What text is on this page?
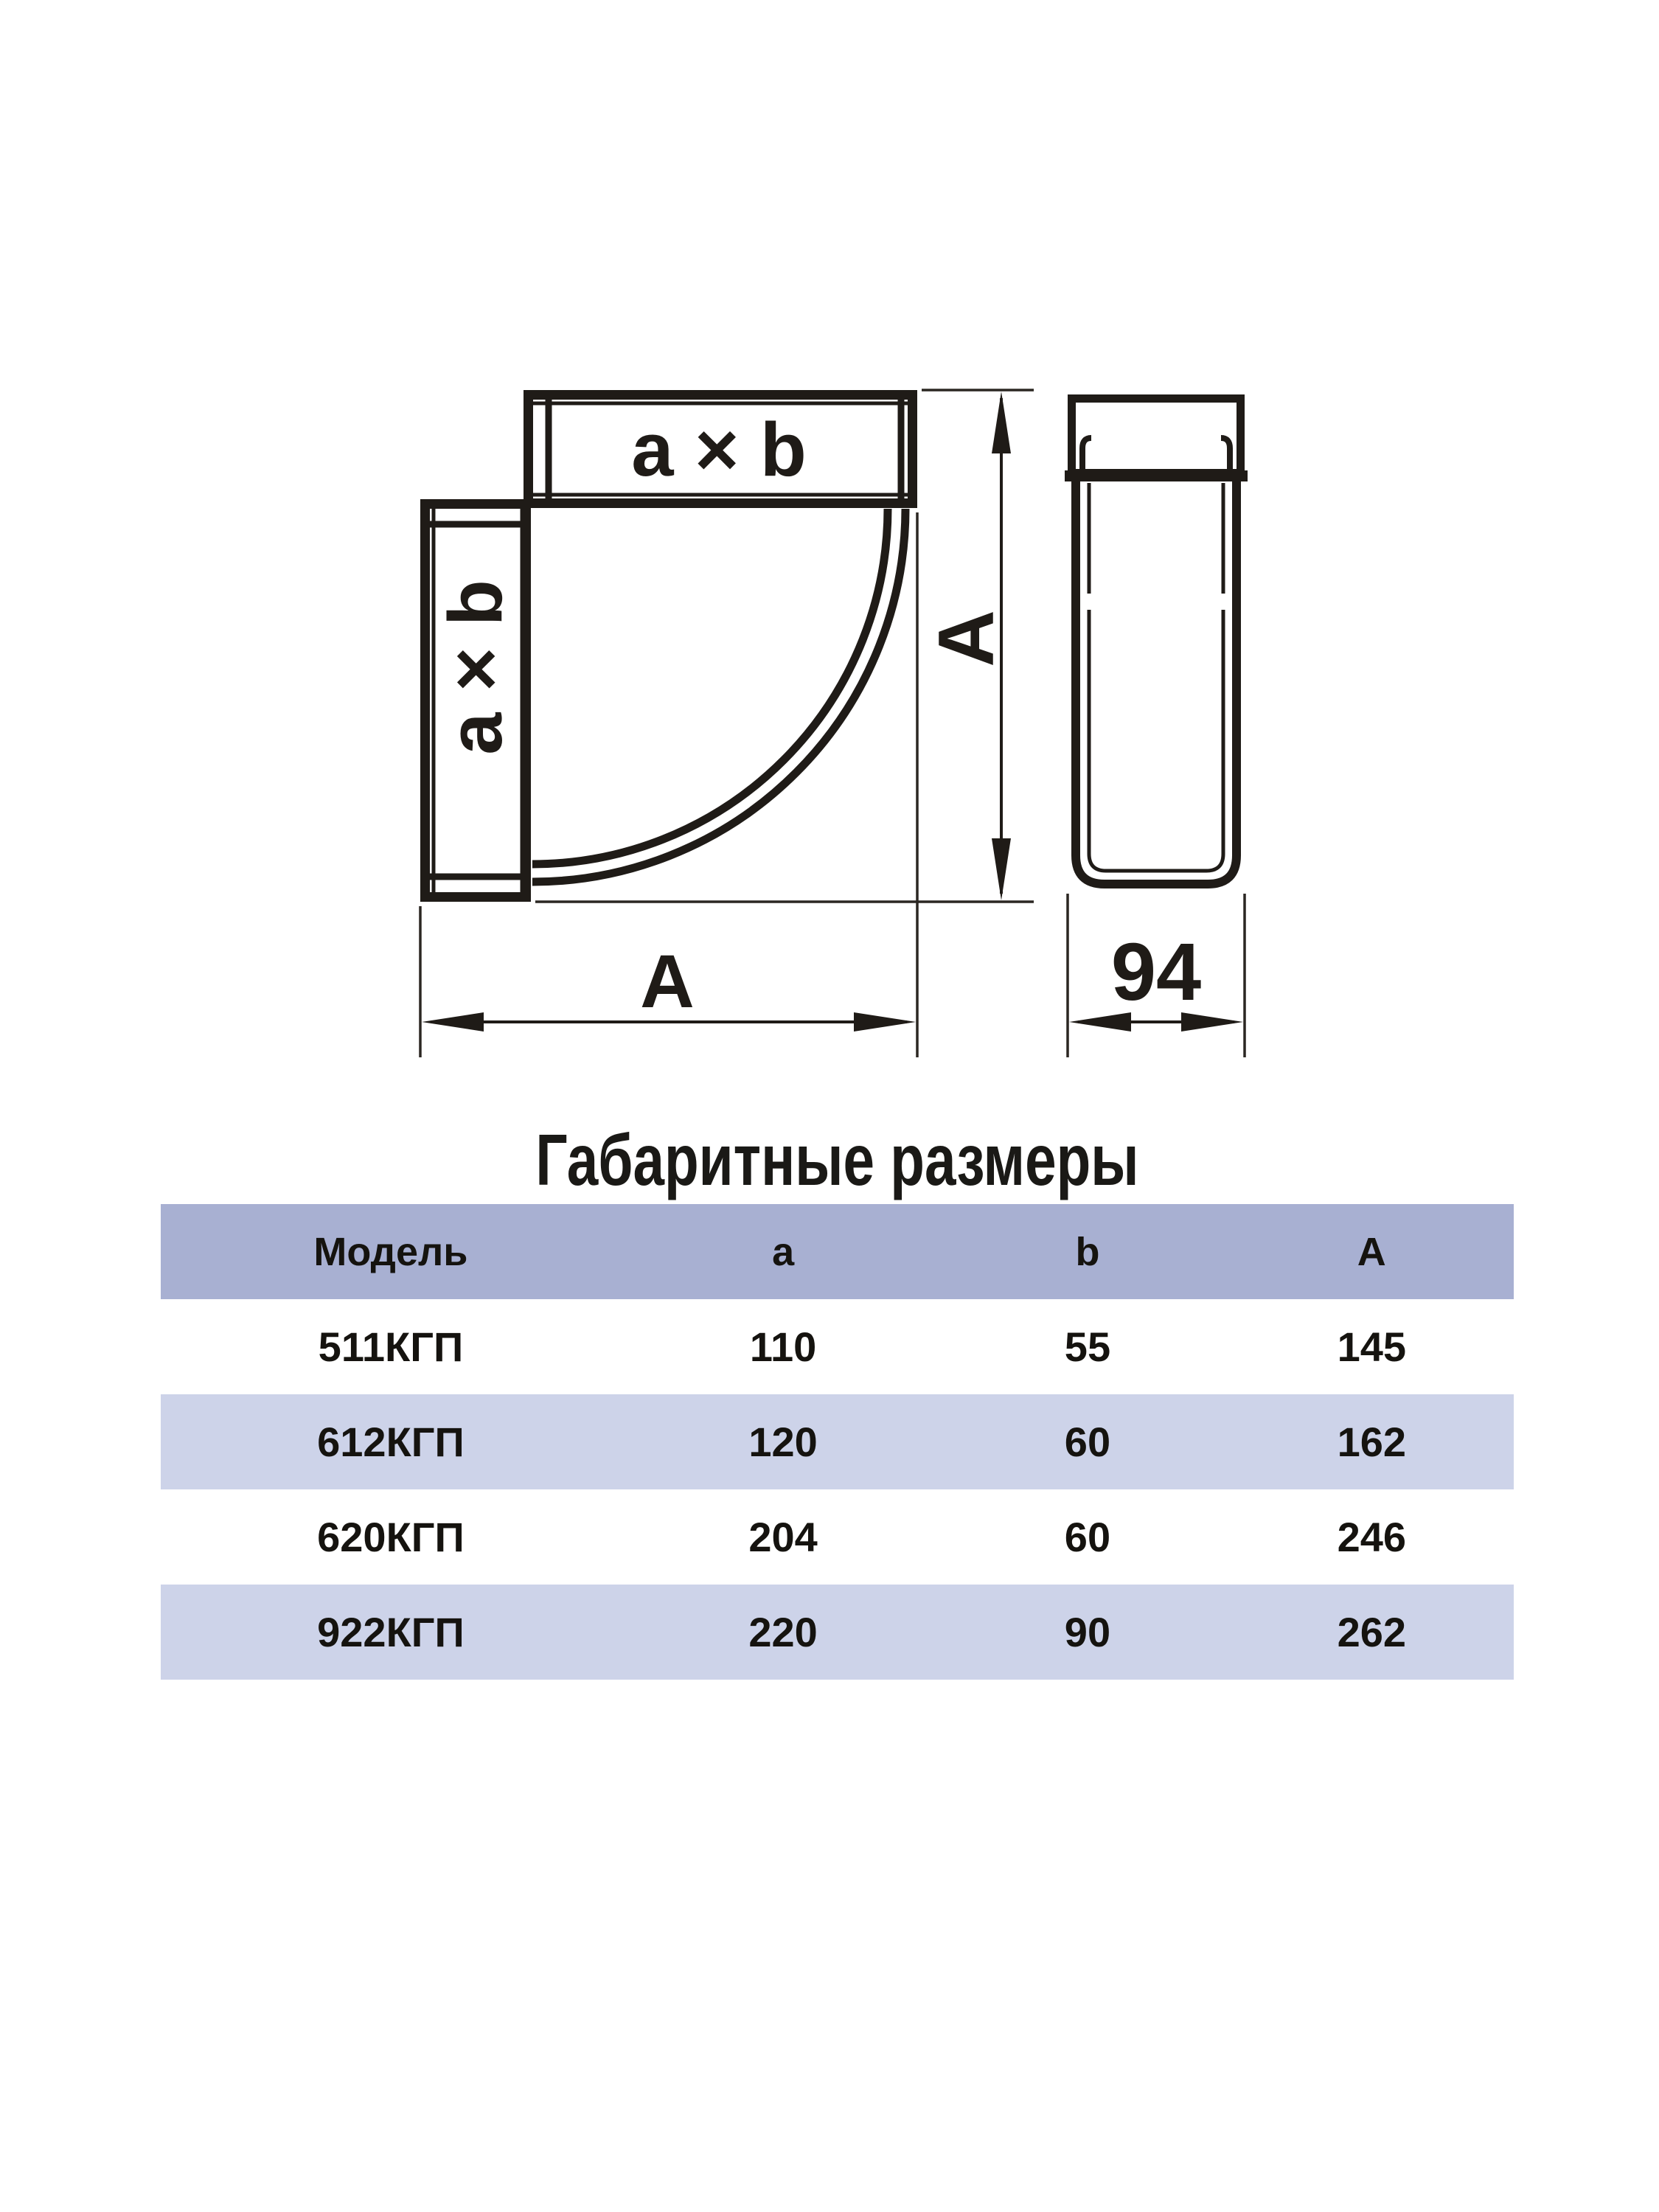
a × b
a × b	A
A	94
Габаритные размеры
Модель	a	b	A
511КГП	110	55	145
612КГП	120	60	162
620КГП	204	60	246
922КГП	220	90	262
